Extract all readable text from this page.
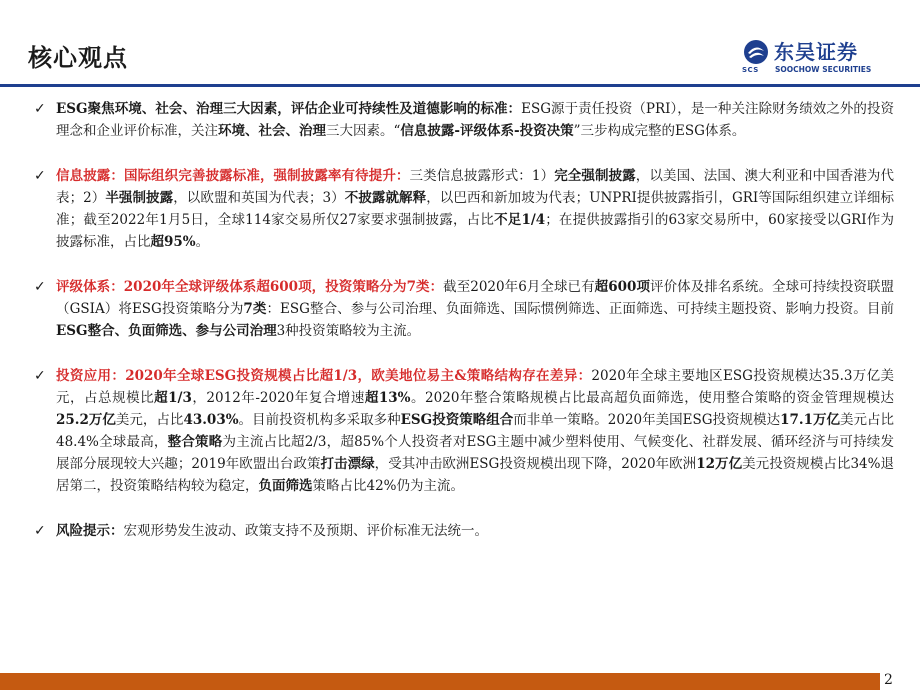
核心观点	SCS
东吴证券
SOOCHOW SECURITIES
✓ ESG聚焦环境、社会、治理三大因素，评估企业可持续性及道德影响的标准：ESG源于责任投资（PRI），是一种关注除财务绩效之外的投资理念和企业评价标准，关注环境、社会、治理三大因素。“信息披露-评级体系-投资决策”三步构成完整的ESG体系。
✓ 信息披露：国际组织完善披露标准，强制披露率有待提升：三类信息披露形式：1）完全强制披露，以美国、法国、澳大利亚和中国香港为代表；2）半强制披露，以欧盟和英国为代表；3）不披露就解释，以巴西和新加坡为代表；UNPRI提供披露指引，GRI等国际组织建立详细标准；截至2022年1月5日，全球114家交易所仅27家要求强制披露，占比不足1/4；在提供披露指引的63家交易所中，60家接受以GRI作为披露标准，占比超95%。
✓ 评级体系：2020年全球评级体系超600项，投资策略分为7类：截至2020年6月全球已有超600项评价体及排名系统。全球可持续投资联盟（GSIA）将ESG投资策略分为7类：ESG整合、参与公司治理、负面筛选、国际惯例筛选、正面筛选、可持续主题投资、影响力投资。目前ESG整合、负面筛选、参与公司治理3种投资策略较为主流。
✓ 投资应用：2020年全球ESG投资规模占比超1/3，欧美地位易主&策略结构存在差异：2020年全球主要地区ESG投资规模达35.3万亿美元，占总规模比超1/3，2012年-2020年复合增速超13%。2020年整合策略规模占比最高超负面筛选，使用整合策略的资金管理规模达25.2万亿美元，占比43.03%。目前投资机构多采取多种ESG投资策略组合而非单一策略。2020年美国ESG投资规模达17.1万亿美元占比48.4%全球最高，整合策略为主流占比超2/3，超85%个人投资者对ESG主题中减少塑料使用、气候变化、社群发展、循环经济与可持续发展部分展现较大兴趣；2019年欧盟出台政策打击漂绿，受其冲击欧洲ESG投资规模出现下降，2020年欧洲12万亿美元投资规模占比34%退居第二，投资策略结构较为稳定，负面筛选策略占比42%仍为主流。
✓ 风险提示：宏观形势发生波动、政策支持不及预期、评价标准无法统一。
2
